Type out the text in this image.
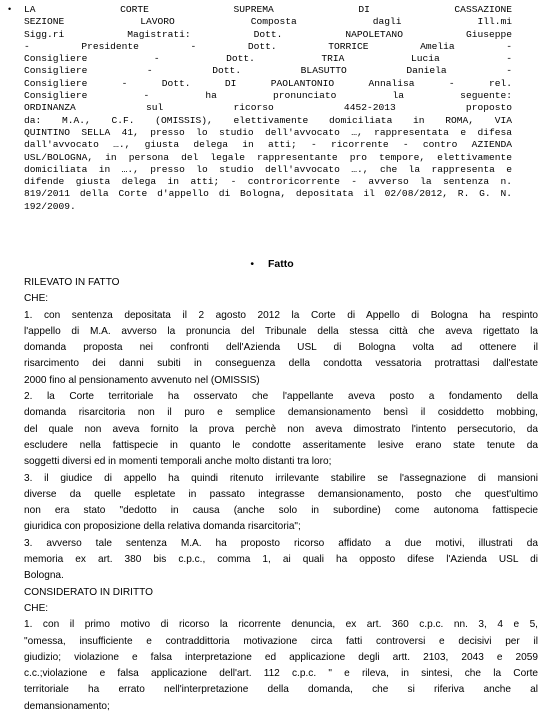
• LA CORTE SUPREMA DI CASSAZIONE
SEZIONE LAVORO Composta dagli Ill.mi
Sigg.ri Magistrati: Dott. NAPOLETANO Giuseppe
- Presidente - Dott. TORRICE Amelia -
Consigliere - Dott. TRIA Lucia -
Consigliere - Dott. BLASUTTO Daniela -
Consigliere - Dott. DI PAOLANTONIO Annalisa - rel.
Consigliere - ha pronunciato la seguente:
ORDINANZA sul ricorso 4452-2013 proposto
da: M.A., C.F. (OMISSIS), elettivamente domiciliata in ROMA, VIA
QUINTINO SELLA 41, presso lo studio dell'avvocato …, rappresentata e difesa
dall'avvocato …., giusta delega in atti; - ricorrente - contro AZIENDA
USL/BOLOGNA, in persona del legale rappresentante pro tempore, elettivamente
domiciliata in …., presso lo studio dell'avvocato …., che la rappresenta e
difende giusta delega in atti; - controricorrente - avverso la sentenza n.
819/2011 della Corte d'appello di Bologna, depositata il 02/08/2012, R. G. N.
192/2009.
• Fatto
RILEVATO IN FATTO
CHE:
1. con sentenza depositata il 2 agosto 2012 la Corte di Appello di Bologna ha respinto
l'appello di M.A. avverso la pronuncia del Tribunale della stessa città che aveva rigettato la
domanda proposta nei confronti dell'Azienda USL di Bologna volta ad ottenere il
risarcimento dei danni subiti in conseguenza della condotta vessatoria protrattasi dall'estate
2000 fino al pensionamento avvenuto nel (OMISSIS)
2. la Corte territoriale ha osservato che l'appellante aveva posto a fondamento della
domanda risarcitoria non il puro e semplice demansionamento bensì il cosiddetto mobbing,
del quale non aveva fornito la prova perchè non aveva dimostrato l'intento persecutorio, da
escludere nella fattispecie in quanto le condotte asseritamente lesive erano state tenute da
soggetti diversi ed in momenti temporali anche molto distanti tra loro;
3. il giudice di appello ha quindi ritenuto irrilevante stabilire se l'assegnazione di mansioni
diverse da quelle espletate in passato integrasse demansionamento, posto che quest'ultimo
non era stato "dedotto in causa (anche solo in subordine) come autonoma fattispecie
giuridica con proposizione della relativa domanda risarcitoria";
3. avverso tale sentenza M.A. ha proposto ricorso affidato a due motivi, illustrati da
memoria ex art. 380 bis c.p.c., comma 1, ai quali ha opposto difese l'Azienda USL di
Bologna.
CONSIDERATO IN DIRITTO
CHE:
1. con il primo motivo di ricorso la ricorrente denuncia, ex art. 360 c.p.c. nn. 3, 4 e 5,
"omessa, insufficiente e contraddittoria motivazione circa fatti controversi e decisivi per il
giudizio; violazione e falsa interpretazione ed applicazione degli artt. 2103, 2043 e 2059
c.c.;violazione e falsa applicazione dell'art. 112 c.p.c. " e rileva, in sintesi, che la Corte
territoriale ha errato nell'interpretazione della domanda, che si riferiva anche al
demansionamento;
